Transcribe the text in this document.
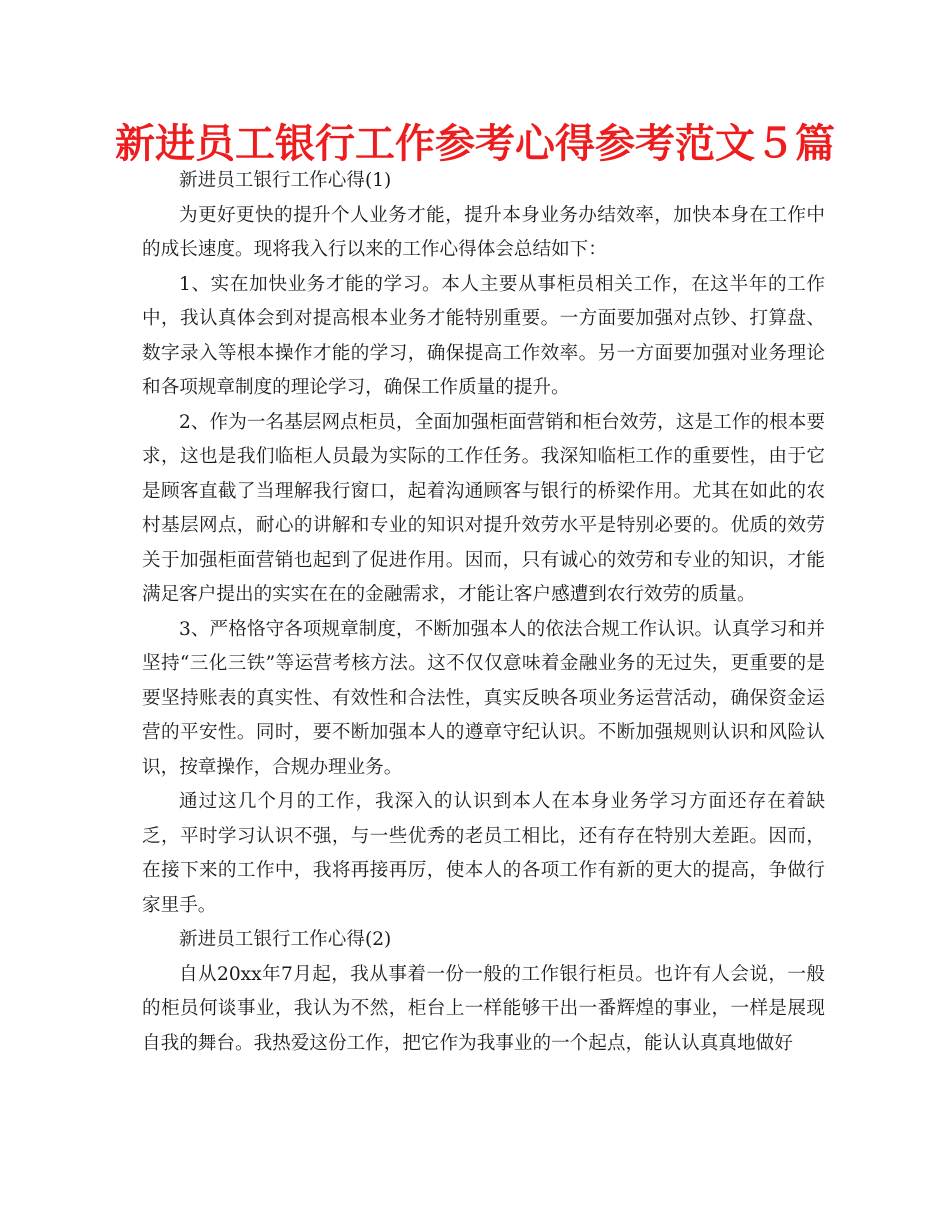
新进员工银行工作参考心得参考范文５篇

新进员工银行工作心得(1)

为更好更快的提升个人业务才能，提升本身业务办结效率，加快本身在工作中的成长速度。现将我入行以来的工作心得体会总结如下：

1、实在加快业务才能的学习。本人主要从事柜员相关工作，在这半年的工作中，我认真体会到对提高根本业务才能特别重要。一方面要加强对点钞、打算盘、数字录入等根本操作才能的学习，确保提高工作效率。另一方面要加强对业务理论和各项规章制度的理论学习，确保工作质量的提升。

2、作为一名基层网点柜员，全面加强柜面营销和柜台效劳，这是工作的根本要求，这也是我们临柜人员最为实际的工作任务。我深知临柜工作的重要性，由于它是顾客直截了当理解我行窗口，起着沟通顾客与银行的桥梁作用。尤其在如此的农村基层网点，耐心的讲解和专业的知识对提升效劳水平是特别必要的。优质的效劳关于加强柜面营销也起到了促进作用。因而，只有诚心的效劳和专业的知识，才能满足客户提出的实实在在的金融需求，才能让客户感遭到农行效劳的质量。

3、严格恪守各项规章制度，不断加强本人的依法合规工作认识。认真学习和并坚持“三化三铁”等运营考核方法。这不仅仅意味着金融业务的无过失，更重要的是要坚持账表的真实性、有效性和合法性，真实反映各项业务运营活动，确保资金运营的平安性。同时，要不断加强本人的遵章守纪认识。不断加强规则认识和风险认识，按章操作，合规办理业务。

通过这几个月的工作，我深入的认识到本人在本身业务学习方面还存在着缺乏，平时学习认识不强，与一些优秀的老员工相比，还有存在特别大差距。因而，在接下来的工作中，我将再接再厉，使本人的各项工作有新的更大的提高，争做行家里手。

新进员工银行工作心得(2)

自从20xx年7月起，我从事着一份一般的工作银行柜员。也许有人会说，一般的柜员何谈事业，我认为不然，柜台上一样能够干出一番辉煌的事业，一样是展现自我的舞台。我热爱这份工作，把它作为我事业的一个起点，能认认真真地做好
